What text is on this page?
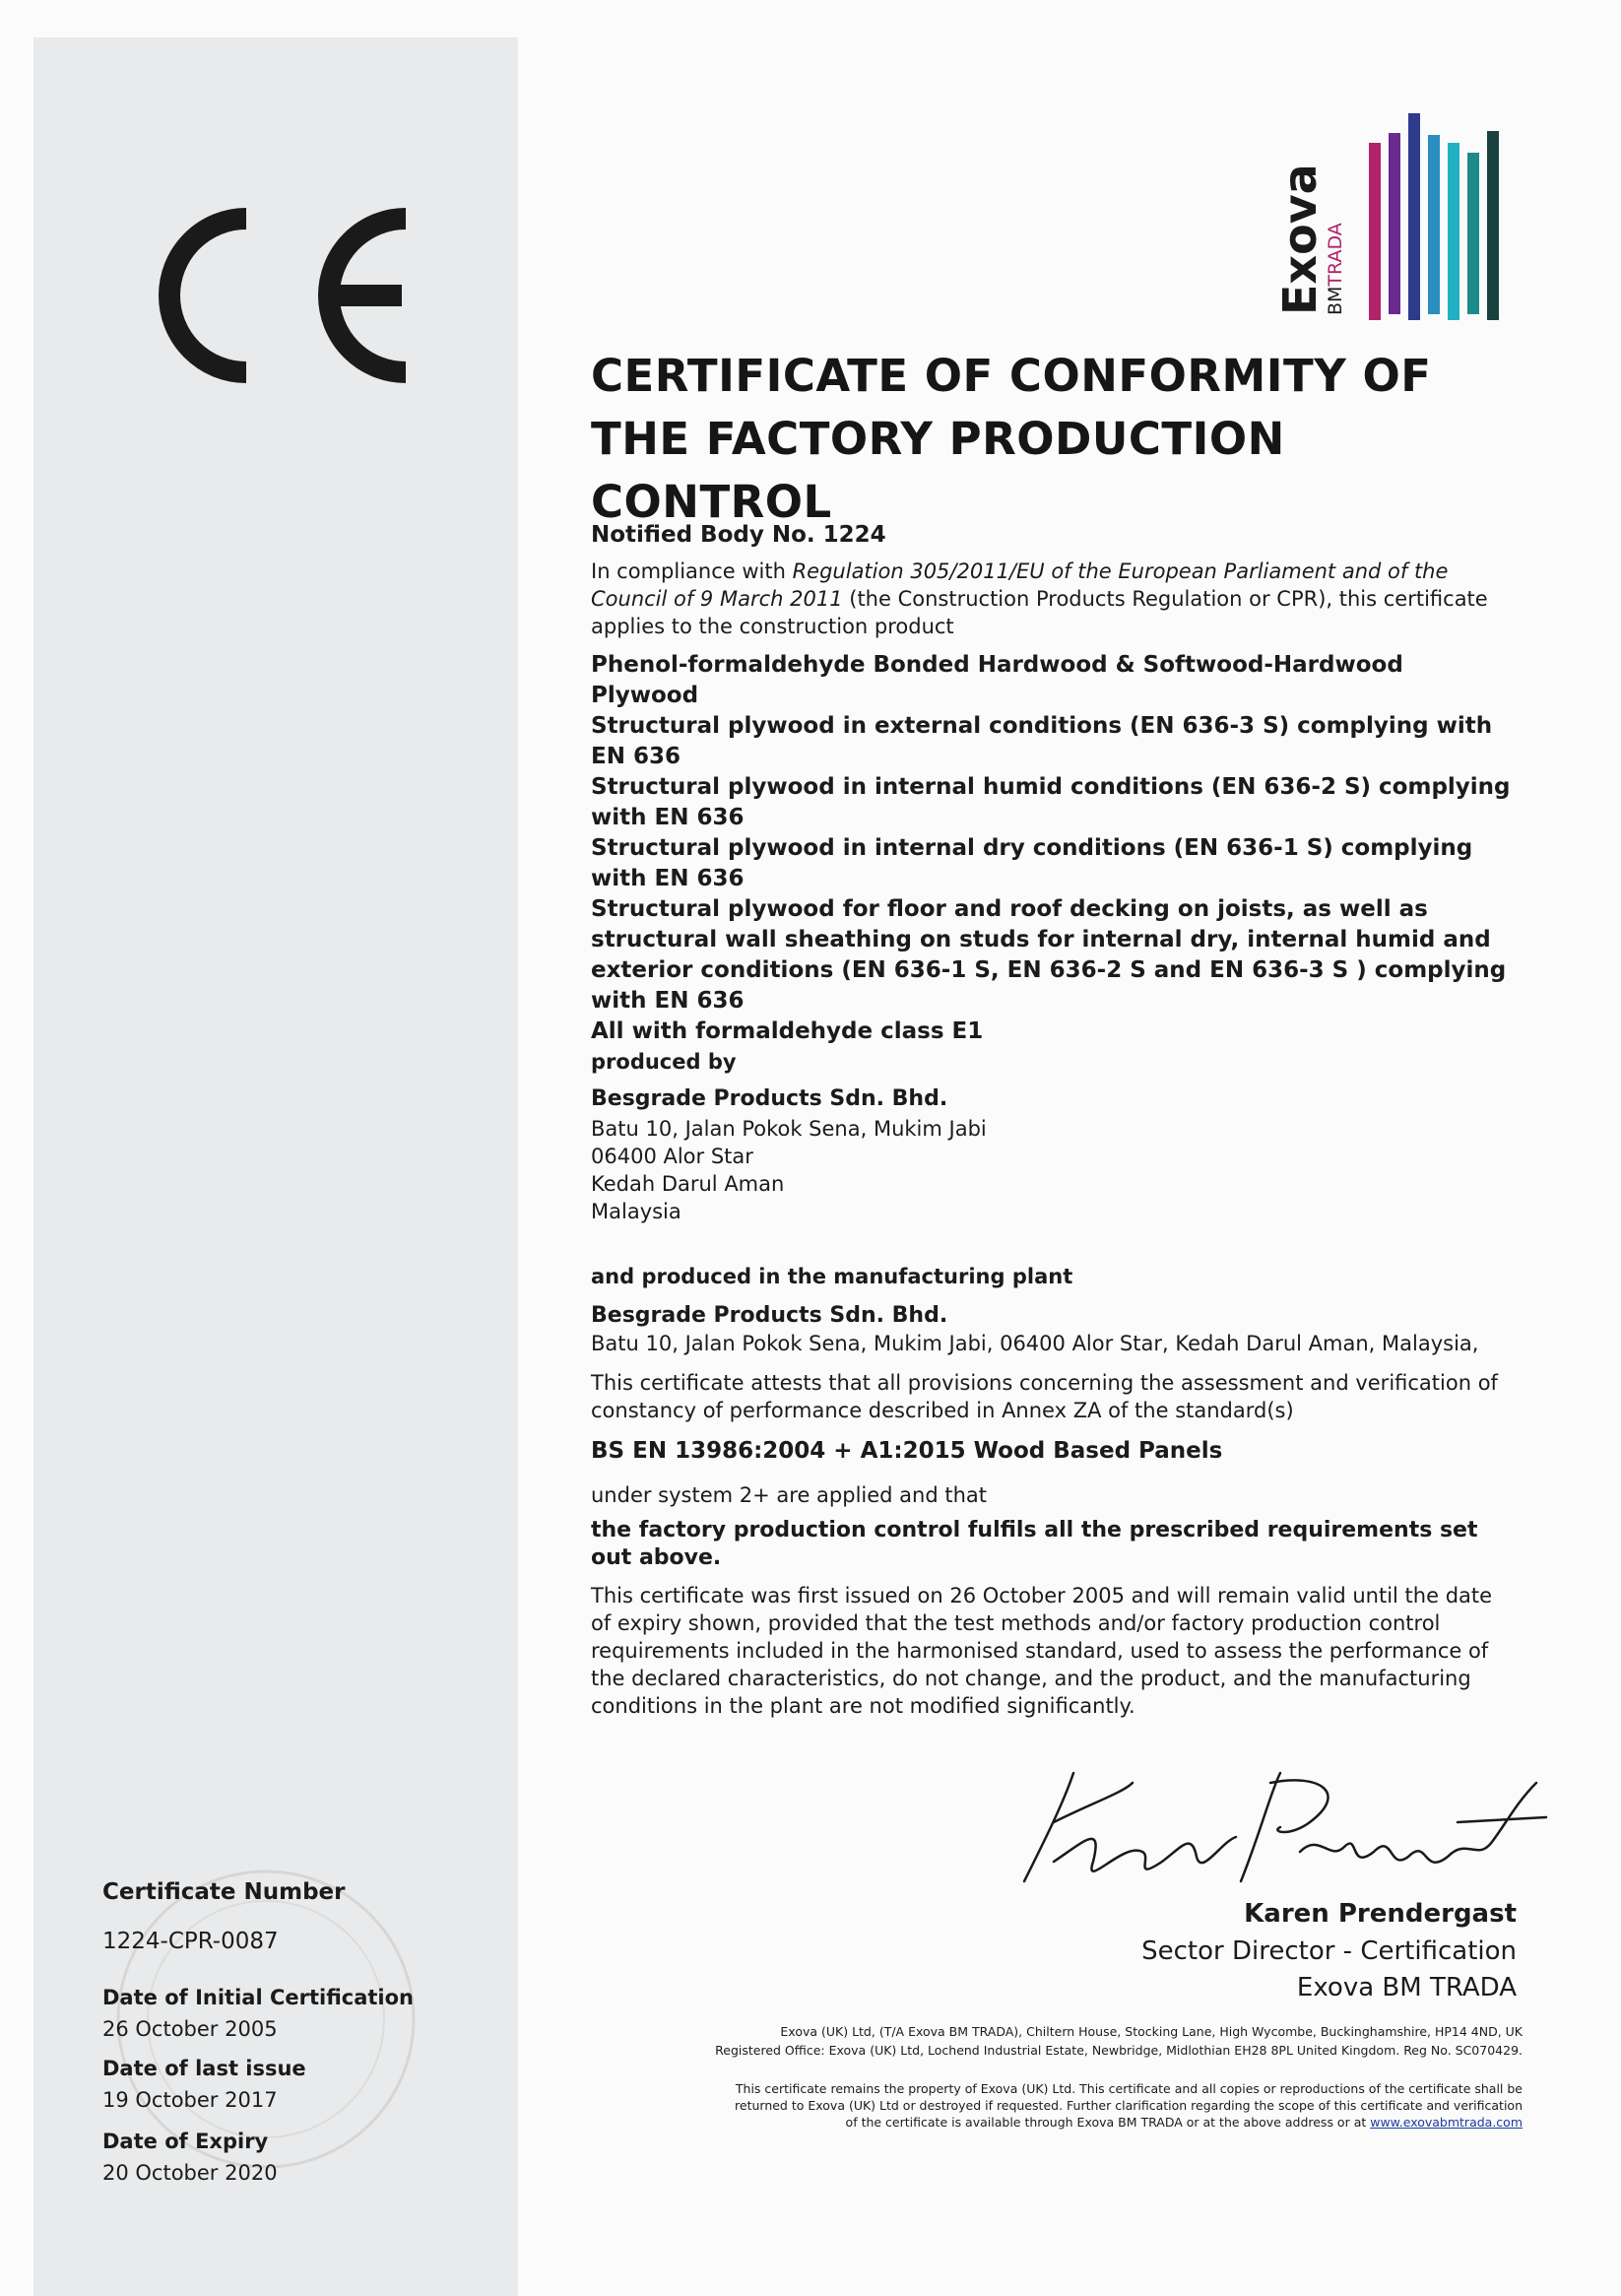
Exova
BMTRADA
CERTIFICATE OF CONFORMITY OF
THE FACTORY PRODUCTION CONTROL
Notified Body No. 1224
In compliance with Regulation 305/2011/EU of the European Parliament and of the Council of 9 March 2011 (the Construction Products Regulation or CPR), this certificate applies to the construction product
Phenol-formaldehyde Bonded Hardwood & Softwood-Hardwood Plywood
Structural plywood in external conditions (EN 636-3 S) complying with EN 636
Structural plywood in internal humid conditions (EN 636-2 S) complying with EN 636
Structural plywood in internal dry conditions (EN 636-1 S) complying with EN 636
Structural plywood for floor and roof decking on joists, as well as structural wall sheathing on studs for internal dry, internal humid and exterior conditions (EN 636-1 S, EN 636-2 S and EN 636-3 S ) complying with EN 636
All with formaldehyde class E1
produced by
Besgrade Products Sdn. Bhd.
Batu 10, Jalan Pokok Sena, Mukim Jabi
06400 Alor Star
Kedah Darul Aman
Malaysia
and produced in the manufacturing plant
Besgrade Products Sdn. Bhd.
Batu 10, Jalan Pokok Sena, Mukim Jabi, 06400 Alor Star, Kedah Darul Aman, Malaysia,
This certificate attests that all provisions concerning the assessment and verification of constancy of performance described in Annex ZA of the standard(s)
BS EN 13986:2004 + A1:2015 Wood Based Panels
under system 2+ are applied and that
the factory production control fulfils all the prescribed requirements set out above.
This certificate was first issued on 26 October 2005 and will remain valid until the date of expiry shown, provided that the test methods and/or factory production control requirements included in the harmonised standard, used to assess the performance of the declared characteristics, do not change, and the product, and the manufacturing conditions in the plant are not modified significantly.
Karen Prendergast
Sector Director - Certification
Exova BM TRADA
Exova (UK) Ltd, (T/A Exova BM TRADA), Chiltern House, Stocking Lane, High Wycombe, Buckinghamshire, HP14 4ND, UK
Registered Office: Exova (UK) Ltd, Lochend Industrial Estate, Newbridge, Midlothian EH28 8PL United Kingdom. Reg No. SC070429.
This certificate remains the property of Exova (UK) Ltd. This certificate and all copies or reproductions of the certificate shall be
returned to Exova (UK) Ltd or destroyed if requested. Further clarification regarding the scope of this certificate and verification
of the certificate is available through Exova BM TRADA or at the above address or at www.exovabmtrada.com
Certificate Number
1224-CPR-0087
Date of Initial Certification
26 October 2005
Date of last issue
19 October 2017
Date of Expiry
20 October 2020
